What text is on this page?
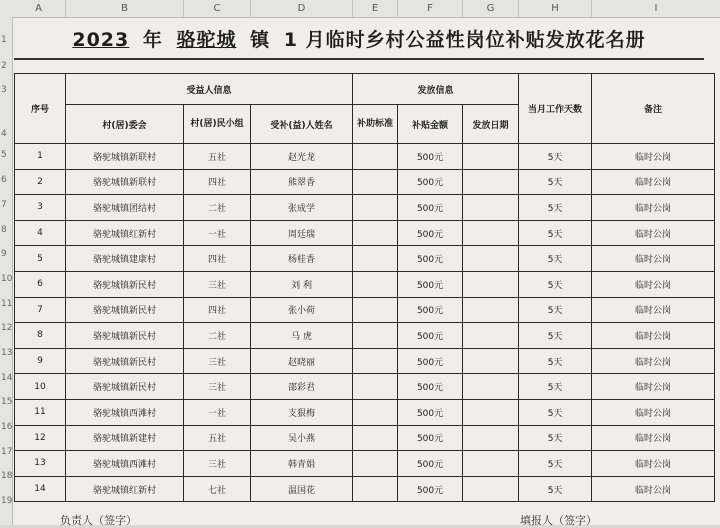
A	B	C	D	E	F	G	H	I
1
2
3
4
5
6
7
8
9
10
11
12
13
14
15
16
17
18
19
2023 年 骆驼城 镇 1 月临时乡村公益性岗位补贴发放花名册
序号	受益人信息			发放信息			当月工作天数	备注
	村(居)委会	村(居)民小组	受补(益)人姓名	补助标准	补贴金额	发放日期		
1	骆驼城镇新联村	五社	赵光龙		500元		5天	临时公岗
2	骆驼城镇新联村	四社	熊翠香		500元		5天	临时公岗
3	骆驼城镇团结村	二社	张成学		500元		5天	临时公岗
4	骆驼城镇红新村	一社	周廷瑞		500元		5天	临时公岗
5	骆驼城镇建康村	四社	杨桂香		500元		5天	临时公岗
6	骆驼城镇新民村	三社	刘 利		500元		5天	临时公岗
7	骆驼城镇新民村	四社	张小荷		500元		5天	临时公岗
8	骆驼城镇新民村	二社	马 虎		500元		5天	临时公岗
9	骆驼城镇新民村	三社	赵晓丽		500元		5天	临时公岗
10	骆驼城镇新民村	三社	邵彩君		500元		5天	临时公岗
11	骆驼城镇西滩村	一社	支狠梅		500元		5天	临时公岗
12	骆驼城镇新建村	五社	吴小燕		500元		5天	临时公岗
13	骆驼城镇西滩村	三社	韩青娟		500元		5天	临时公岗
14	骆驼城镇红新村	七社	温国花		500元		5天	临时公岗
负责人（签字）	填报人（签字）
